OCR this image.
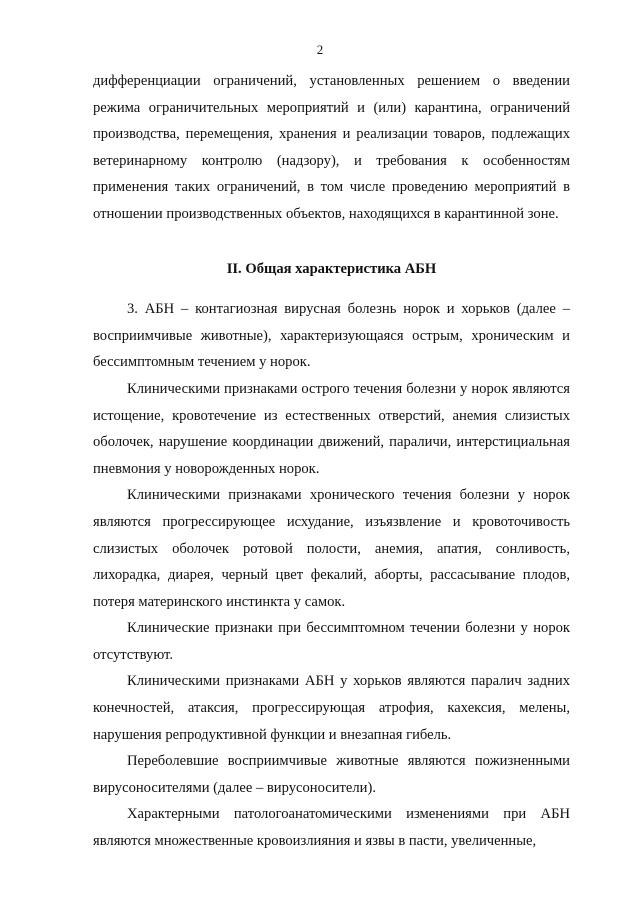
2

дифференциации ограничений, установленных решением о введении режима ограничительных мероприятий и (или) карантина, ограничений производства, перемещения, хранения и реализации товаров, подлежащих ветеринарному контролю (надзору), и требования к особенностям применения таких ограничений, в том числе проведению мероприятий в отношении производственных объектов, находящихся в карантинной зоне.

II. Общая характеристика АБН

3. АБН – контагиозная вирусная болезнь норок и хорьков (далее – восприимчивые животные), характеризующаяся острым, хроническим и бессимптомным течением у норок.

Клиническими признаками острого течения болезни у норок являются истощение, кровотечение из естественных отверстий, анемия слизистых оболочек, нарушение координации движений, параличи, интерстициальная пневмония у новорожденных норок.

Клиническими признаками хронического течения болезни у норок являются прогрессирующее исхудание, изъязвление и кровоточивость слизистых оболочек ротовой полости, анемия, апатия, сонливость, лихорадка, диарея, черный цвет фекалий, аборты, рассасывание плодов, потеря материнского инстинкта у самок.

Клинические признаки при бессимптомном течении болезни у норок отсутствуют.

Клиническими признаками АБН у хорьков являются паралич задних конечностей, атаксия, прогрессирующая атрофия, кахексия, мелены, нарушения репродуктивной функции и внезапная гибель.

Переболевшие восприимчивые животные являются пожизненными вирусоносителями (далее – вирусоносители).

Характерными патологоанатомическими изменениями при АБН являются множественные кровоизлияния и язвы в пасти, увеличенные,
